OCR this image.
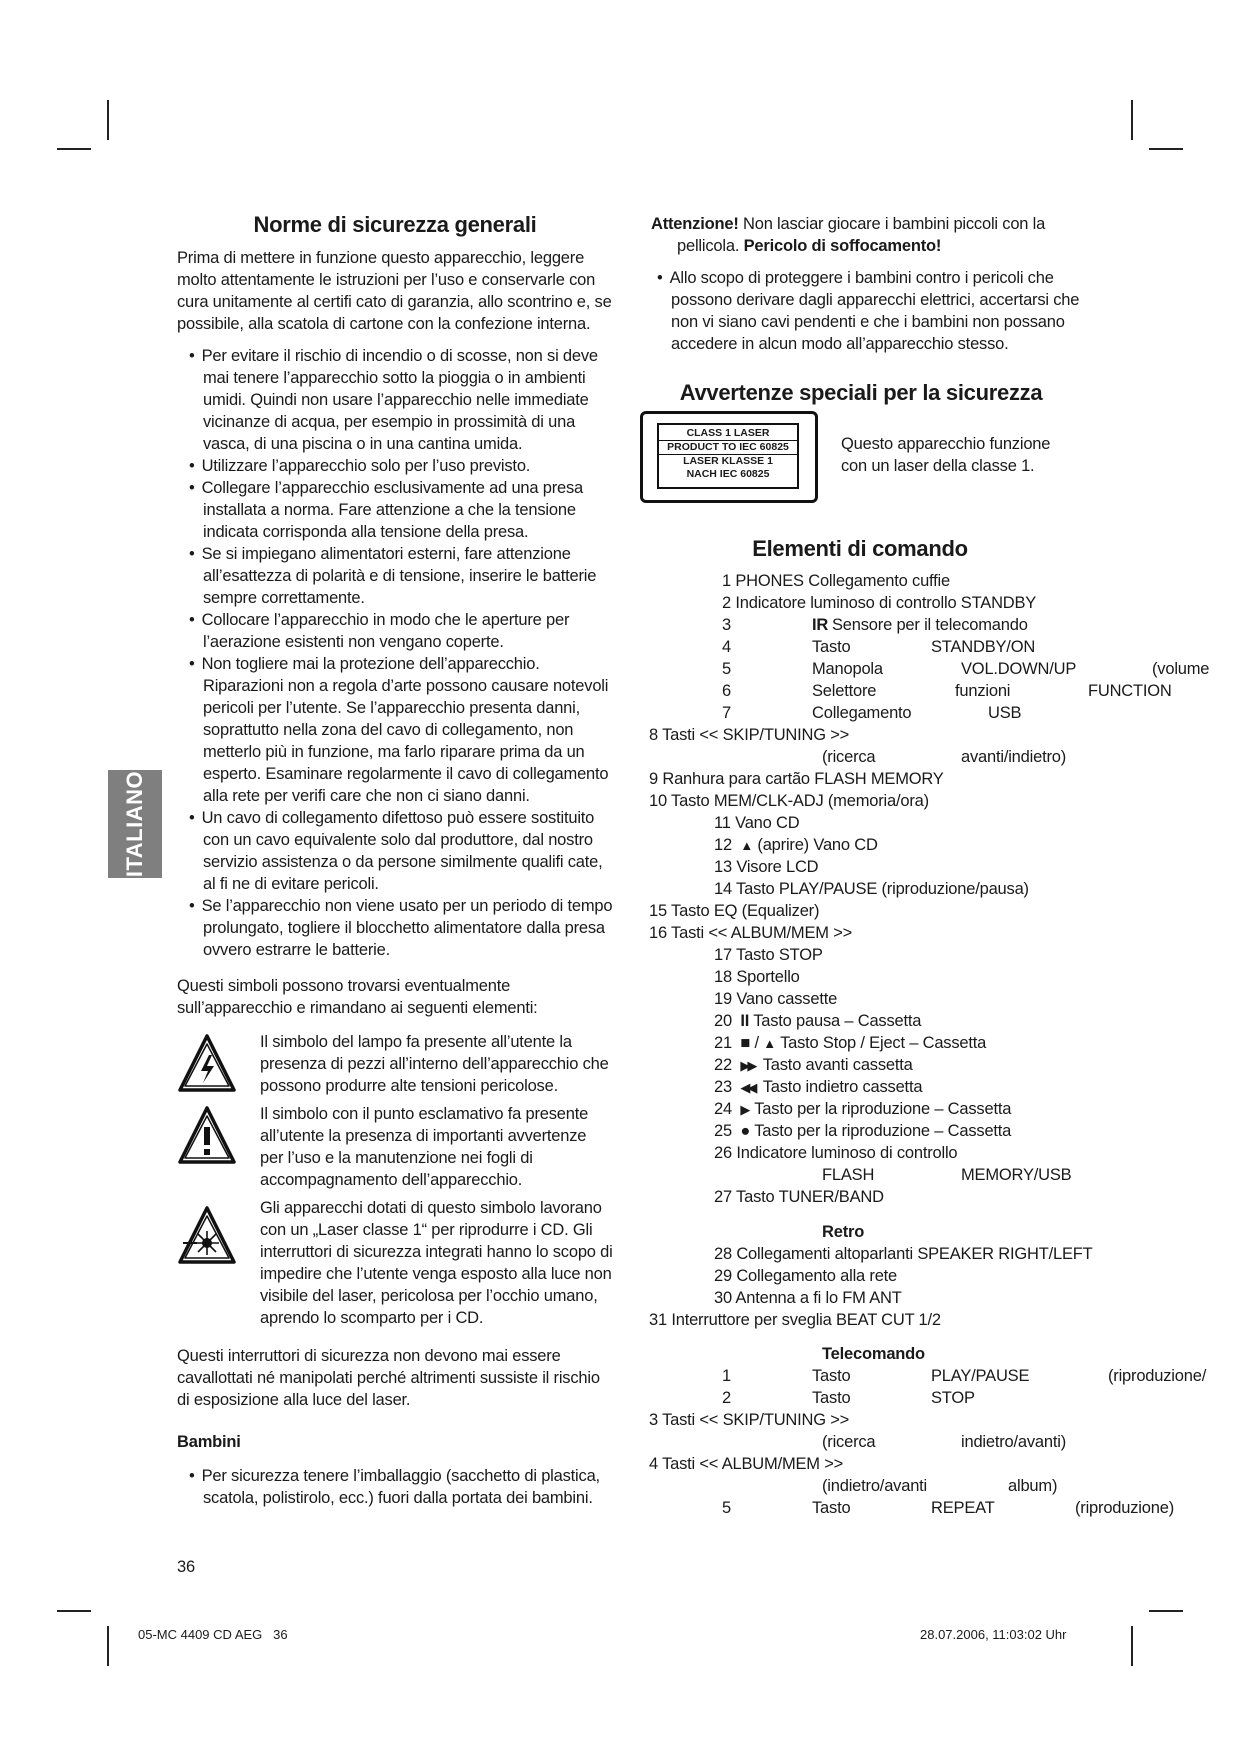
ITALIANO
Norme di sicurezza generali

Prima di mettere in funzione questo apparecchio, leggere molto attentamente le istruzioni per l’uso e conservarle con cura unitamente al certifi cato di garanzia, allo scontrino e, se possibile, alla scatola di cartone con la confezione interna.

• Per evitare il rischio di incendio o di scosse, non si deve mai tenere l’apparecchio sotto la pioggia o in ambienti umidi. Quindi non usare l’apparecchio nelle immediate vicinanze di acqua, per esempio in prossimità di una vasca, di una piscina o in una cantina umida.
• Utilizzare l’apparecchio solo per l’uso previsto.
• Collegare l’apparecchio esclusivamente ad una presa installata a norma. Fare attenzione a che la tensione indicata corrisponda alla tensione della presa.
• Se si impiegano alimentatori esterni, fare attenzione all’esattezza di polarità e di tensione, inserire le batterie sempre correttamente.
• Collocare l’apparecchio in modo che le aperture per l’aerazione esistenti non vengano coperte.
• Non togliere mai la protezione dell’apparecchio. Riparazioni non a regola d’arte possono causare notevoli pericoli per l’utente. Se l’apparecchio presenta danni, soprattutto nella zona del cavo di collegamento, non metterlo più in funzione, ma farlo riparare prima da un esperto. Esaminare regolarmente il cavo di collegamento alla rete per verifi care che non ci siano danni.
• Un cavo di collegamento difettoso può essere sostituito con un cavo equivalente solo dal produttore, dal nostro servizio assistenza o da persone similmente qualifi cate, al fi ne di evitare pericoli.
• Se l’apparecchio non viene usato per un periodo di tempo prolungato, togliere il blocchetto alimentatore dalla presa ovvero estrarre le batterie.

Questi simboli possono trovarsi eventualmente sull’apparecchio e rimandano ai seguenti elementi:

Il simbolo del lampo fa presente all’utente la presenza di pezzi all’interno dell’apparecchio che possono produrre alte tensioni pericolose.
Il simbolo con il punto esclamativo fa presente all’utente la presenza di importanti avvertenze per l’uso e la manutenzione nei fogli di accompagnamento dell’apparecchio.
Gli apparecchi dotati di questo simbolo lavorano con un „Laser classe 1“ per riprodurre i CD. Gli interruttori di sicurezza integrati hanno lo scopo di impedire che l’utente venga esposto alla luce non visibile del laser, pericolosa per l’occhio umano, aprendo lo scomparto per i CD.

Questi interruttori di sicurezza non devono mai essere cavallottati né manipolati perché altrimenti sussiste il rischio di esposizione alla luce del laser.

Bambini

• Per sicurezza tenere l’imballaggio (sacchetto di plastica, scatola, polistirolo, ecc.) fuori dalla portata dei bambini.
36
Attenzione! Non lasciar giocare i bambini piccoli con la pellicola. Pericolo di soffocamento!
• Allo scopo di proteggere i bambini contro i pericoli che possono derivare dagli apparecchi elettrici, accertarsi che non vi siano cavi pendenti e che i bambini non possano accedere in alcun modo all’apparecchio stesso.
Avvertenze speciali per la sicurezza
CLASS 1 LASER
PRODUCT TO IEC 60825
LASER KLASSE 1
NACH IEC 60825
Questo apparecchio funzione con un laser della classe 1.
Elementi di comando
1 PHONES Collegamento cuffie
2 Indicatore luminoso di controllo STANDBY
3	IR Sensore per il telecomando
4	Tasto	STANDBY/ON
5	Manopola	VOL.DOWN/UP	(volume
6	Selettore	funzioni	FUNCTION
7	Collegamento	USB
8 Tasti << SKIP/TUNING >>
(ricerca	avanti/indietro)
9 Ranhura para cartão FLASH MEMORY
10 Tasto MEM/CLK-ADJ (memoria/ora)
11 Vano CD
12 ▲ (aprire) Vano CD
13 Visore LCD
14 Tasto PLAY/PAUSE (riproduzione/pausa)
15 Tasto EQ (Equalizer)
16 Tasti << ALBUM/MEM >>
17 Tasto STOP
18 Sportello
19 Vano cassette
20 II Tasto pausa – Cassetta
21 ■ / ▲ Tasto Stop / Eject – Cassetta
22 ▶▶ Tasto avanti cassetta
23 ◀◀ Tasto indietro cassetta
24 ▶ Tasto per la riproduzione – Cassetta
25 ● Tasto per la riproduzione – Cassetta
26 Indicatore luminoso di controllo
FLASH	MEMORY/USB
27 Tasto TUNER/BAND
Retro
28 Collegamenti altoparlanti SPEAKER RIGHT/LEFT
29 Collegamento alla rete
30 Antenna a fi lo FM ANT
31 Interruttore per sveglia BEAT CUT 1/2
Telecomando
1	Tasto	PLAY/PAUSE	(riproduzione/
2	Tasto	STOP
3 Tasti << SKIP/TUNING >>
(ricerca	indietro/avanti)
4 Tasti << ALBUM/MEM >>
(indietro/avanti	album)
5	Tasto	REPEAT	(riproduzione)
05-MC 4409 CD AEG   36	28.07.2006, 11:03:02 Uhr
